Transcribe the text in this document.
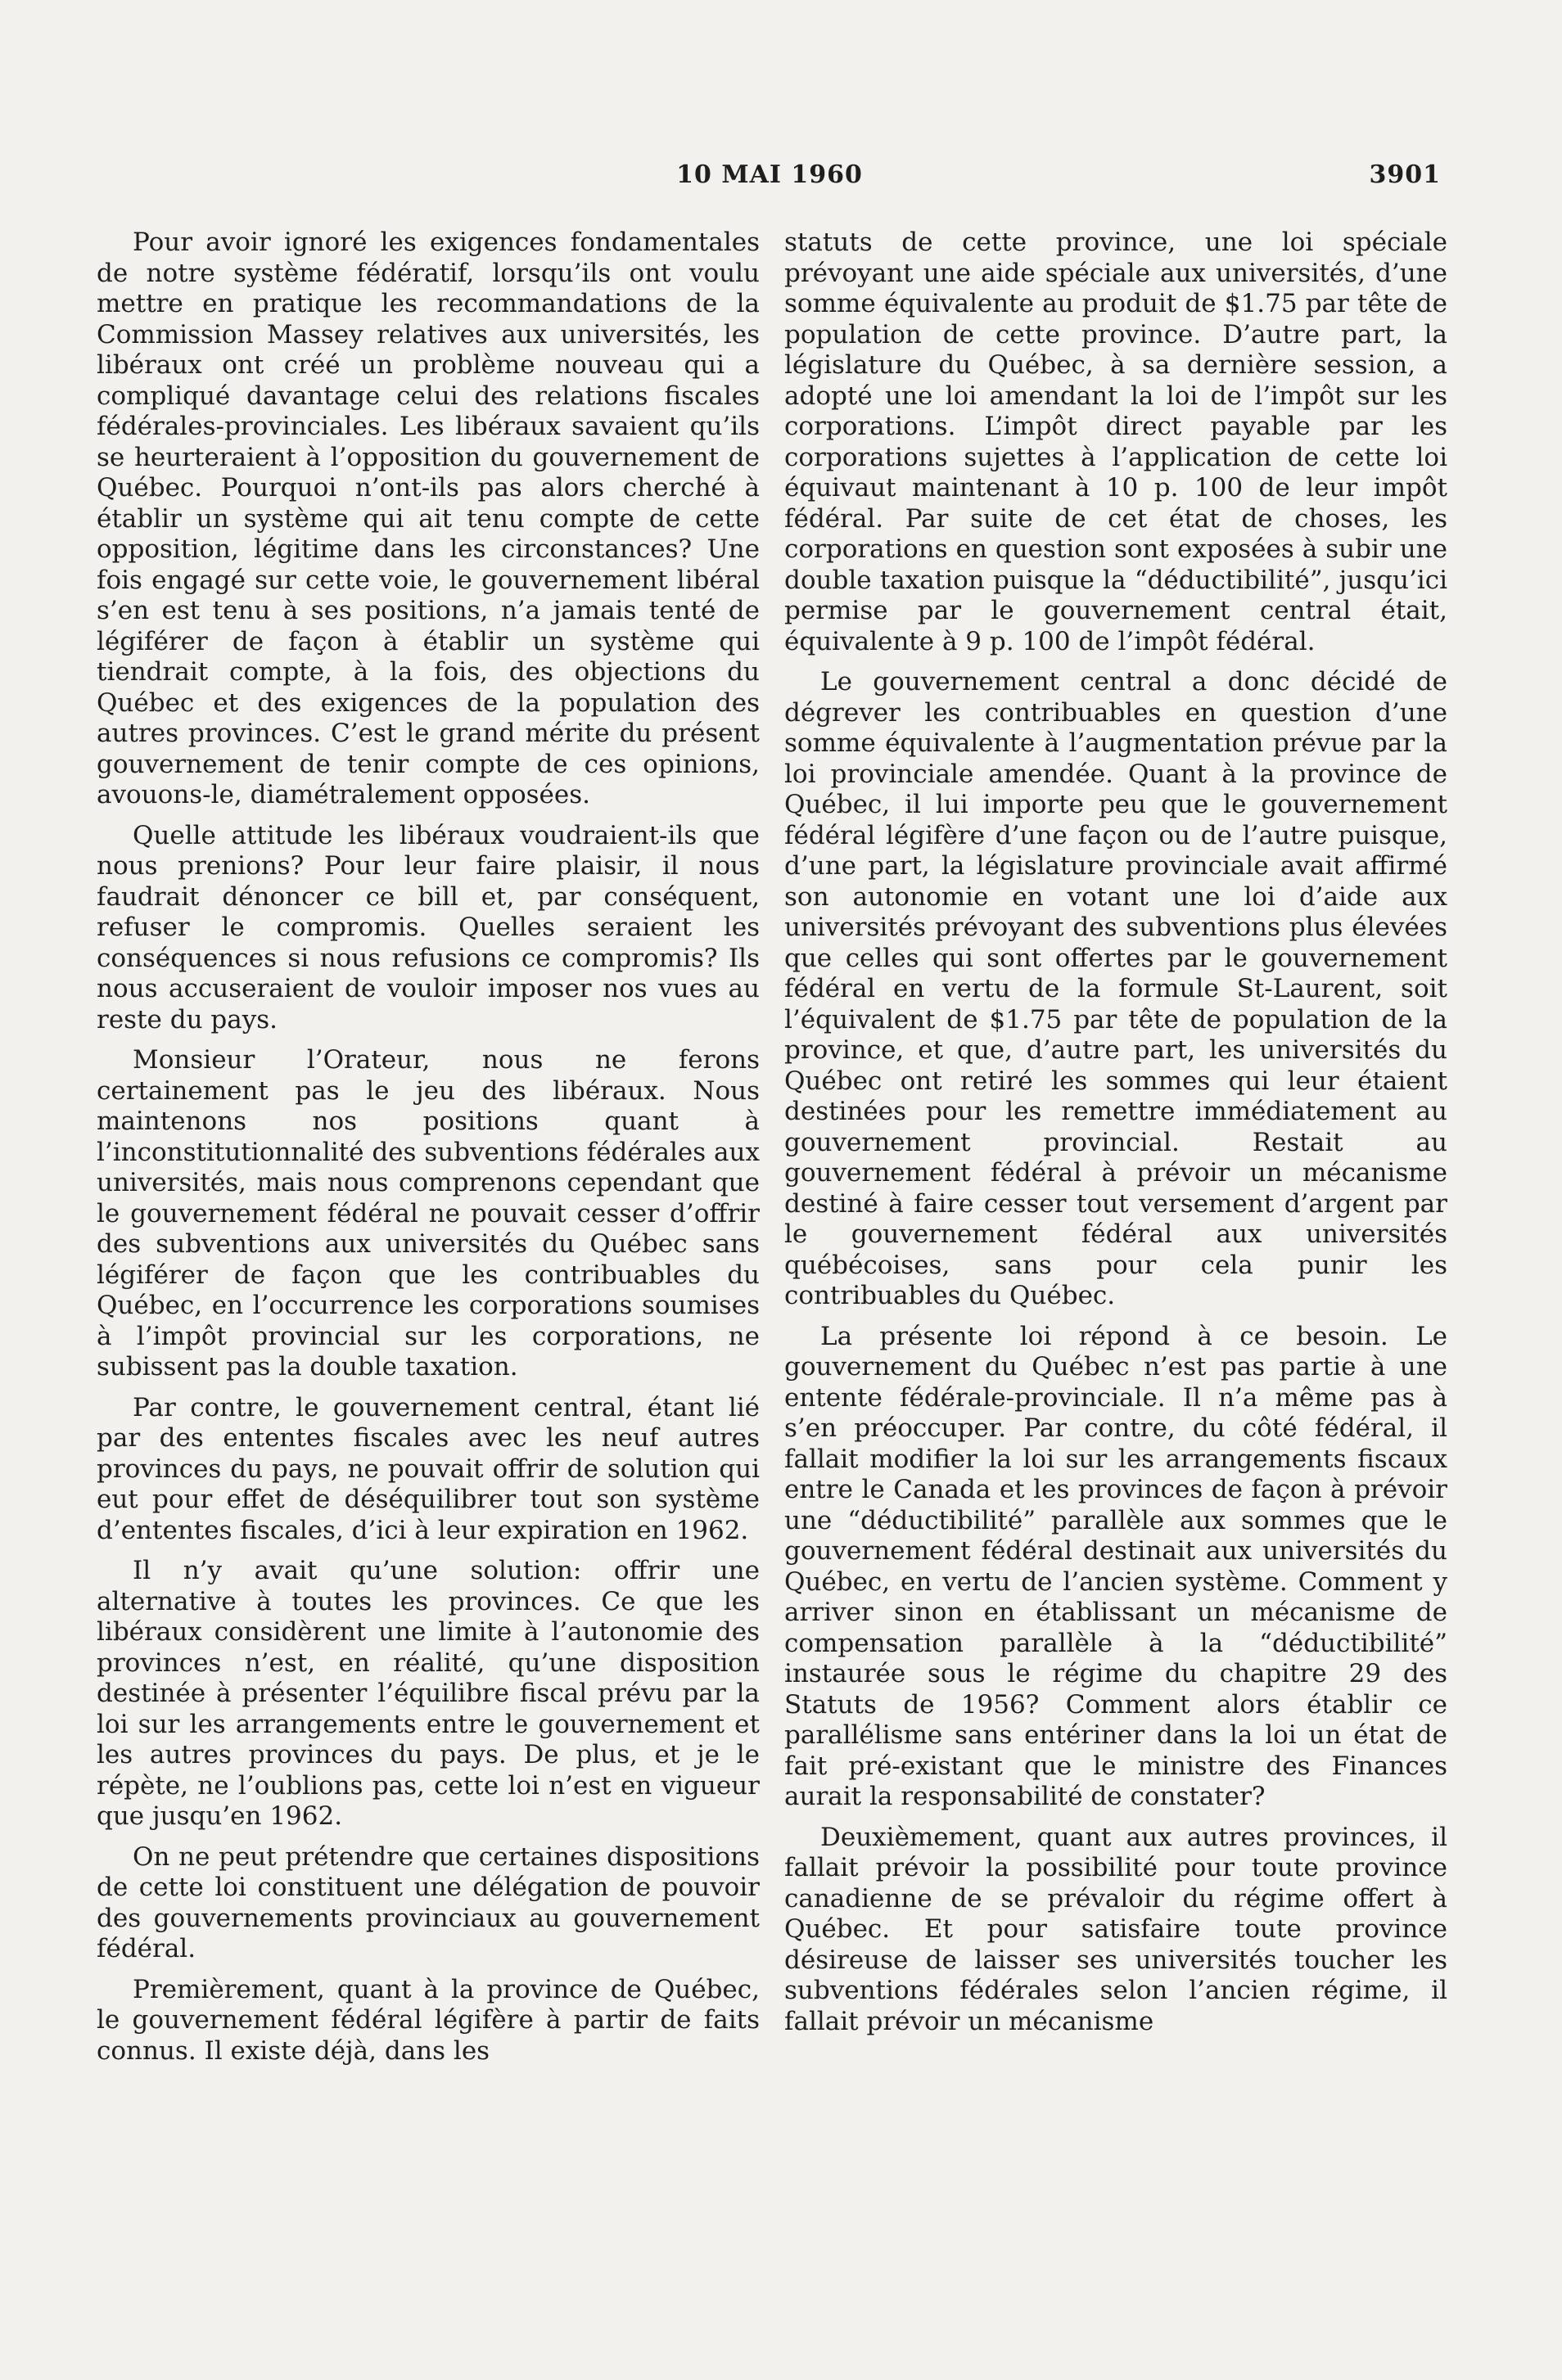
10 MAI 1960	3901

Pour avoir ignoré les exigences fondamentales de notre système fédératif, lorsqu’ils ont voulu mettre en pratique les recommandations de la Commission Massey relatives aux universités, les libéraux ont créé un problème nouveau qui a compliqué davantage celui des relations fiscales fédérales-provinciales. Les libéraux savaient qu’ils se heurteraient à l’opposition du gouvernement de Québec. Pourquoi n’ont-ils pas alors cherché à établir un système qui ait tenu compte de cette opposition, légitime dans les circonstances? Une fois engagé sur cette voie, le gouvernement libéral s’en est tenu à ses positions, n’a jamais tenté de légiférer de façon à établir un système qui tiendrait compte, à la fois, des objections du Québec et des exigences de la population des autres provinces. C’est le grand mérite du présent gouvernement de tenir compte de ces opinions, avouons-le, diamétralement opposées.

Quelle attitude les libéraux voudraient-ils que nous prenions? Pour leur faire plaisir, il nous faudrait dénoncer ce bill et, par conséquent, refuser le compromis. Quelles seraient les conséquences si nous refusions ce compromis? Ils nous accuseraient de vouloir imposer nos vues au reste du pays.

Monsieur l’Orateur, nous ne ferons certainement pas le jeu des libéraux. Nous maintenons nos positions quant à l’inconstitutionnalité des subventions fédérales aux universités, mais nous comprenons cependant que le gouvernement fédéral ne pouvait cesser d’offrir des subventions aux universités du Québec sans légiférer de façon que les contribuables du Québec, en l’occurrence les corporations soumises à l’impôt provincial sur les corporations, ne subissent pas la double taxation.

Par contre, le gouvernement central, étant lié par des ententes fiscales avec les neuf autres provinces du pays, ne pouvait offrir de solution qui eut pour effet de déséquilibrer tout son système d’ententes fiscales, d’ici à leur expiration en 1962.

Il n’y avait qu’une solution: offrir une alternative à toutes les provinces. Ce que les libéraux considèrent une limite à l’autonomie des provinces n’est, en réalité, qu’une disposition destinée à présenter l’équilibre fiscal prévu par la loi sur les arrangements entre le gouvernement et les autres provinces du pays. De plus, et je le répète, ne l’oublions pas, cette loi n’est en vigueur que jusqu’en 1962.

On ne peut prétendre que certaines dispositions de cette loi constituent une délégation de pouvoir des gouvernements provinciaux au gouvernement fédéral.

Premièrement, quant à la province de Québec, le gouvernement fédéral légifère à partir de faits connus. Il existe déjà, dans les

statuts de cette province, une loi spéciale prévoyant une aide spéciale aux universités, d’une somme équivalente au produit de $1.75 par tête de population de cette province. D’autre part, la législature du Québec, à sa dernière session, a adopté une loi amendant la loi de l’impôt sur les corporations. L’impôt direct payable par les corporations sujettes à l’application de cette loi équivaut maintenant à 10 p. 100 de leur impôt fédéral. Par suite de cet état de choses, les corporations en question sont exposées à subir une double taxation puisque la “déductibilité”, jusqu’ici permise par le gouvernement central était, équivalente à 9 p. 100 de l’impôt fédéral.

Le gouvernement central a donc décidé de dégrever les contribuables en question d’une somme équivalente à l’augmentation prévue par la loi provinciale amendée. Quant à la province de Québec, il lui importe peu que le gouvernement fédéral légifère d’une façon ou de l’autre puisque, d’une part, la législature provinciale avait affirmé son autonomie en votant une loi d’aide aux universités prévoyant des subventions plus élevées que celles qui sont offertes par le gouvernement fédéral en vertu de la formule St-Laurent, soit l’équivalent de $1.75 par tête de population de la province, et que, d’autre part, les universités du Québec ont retiré les sommes qui leur étaient destinées pour les remettre immédiatement au gouvernement provincial. Restait au gouvernement fédéral à prévoir un mécanisme destiné à faire cesser tout versement d’argent par le gouvernement fédéral aux universités québécoises, sans pour cela punir les contribuables du Québec.

La présente loi répond à ce besoin. Le gouvernement du Québec n’est pas partie à une entente fédérale-provinciale. Il n’a même pas à s’en préoccuper. Par contre, du côté fédéral, il fallait modifier la loi sur les arrangements fiscaux entre le Canada et les provinces de façon à prévoir une “déductibilité” parallèle aux sommes que le gouvernement fédéral destinait aux universités du Québec, en vertu de l’ancien système. Comment y arriver sinon en établissant un mécanisme de compensation parallèle à la “déductibilité” instaurée sous le régime du chapitre 29 des Statuts de 1956? Comment alors établir ce parallélisme sans entériner dans la loi un état de fait pré-existant que le ministre des Finances aurait la responsabilité de constater?

Deuxièmement, quant aux autres provinces, il fallait prévoir la possibilité pour toute province canadienne de se prévaloir du régime offert à Québec. Et pour satisfaire toute province désireuse de laisser ses universités toucher les subventions fédérales selon l’ancien régime, il fallait prévoir un mécanisme
